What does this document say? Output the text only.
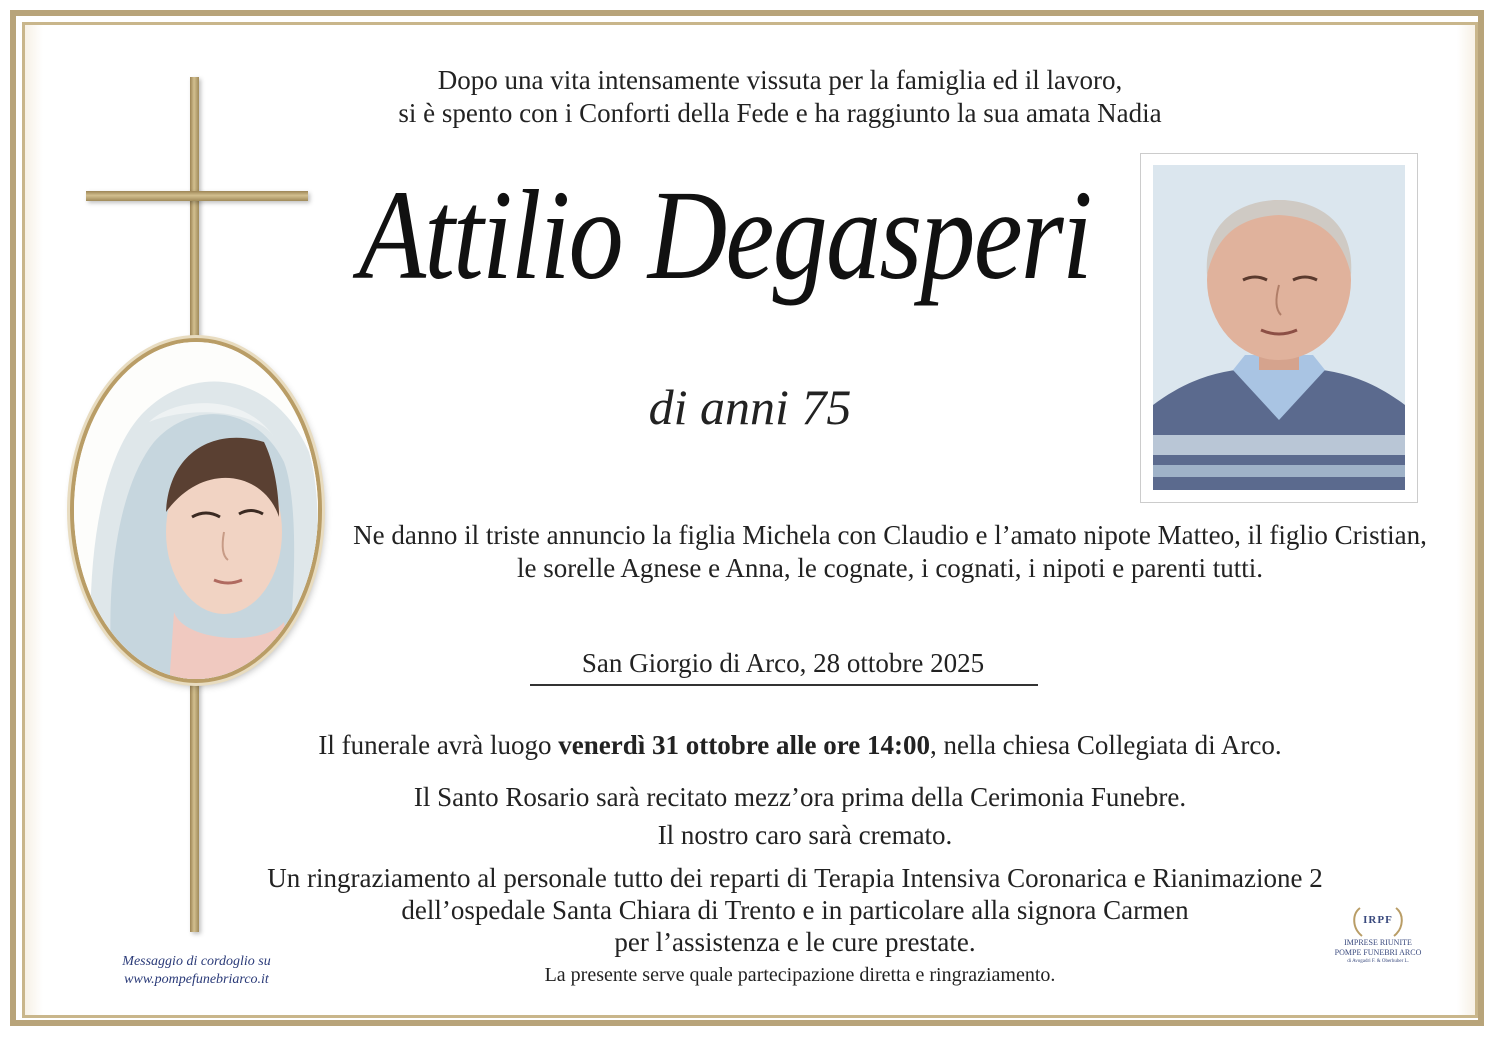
Dopo una vita intensamente vissuta per la famiglia ed il lavoro,
si è spento con i Conforti della Fede e ha raggiunto la sua amata Nadia
Attilio Degasperi
di anni 75
Ne danno il triste annuncio la figlia Michela con Claudio e l’amato nipote Matteo, il figlio Cristian,
le sorelle Agnese e Anna, le cognate, i cognati, i nipoti e parenti tutti.
San Giorgio di Arco, 28 ottobre 2025
Il funerale avrà luogo venerdì 31 ottobre alle ore 14:00, nella chiesa Collegiata di Arco.
Il Santo Rosario sarà recitato mezz’ora prima della Cerimonia Funebre.
Il nostro caro sarà cremato.
Un ringraziamento al personale tutto dei reparti di Terapia Intensiva Coronarica e Rianimazione 2
dell’ospedale Santa Chiara di Trento e in particolare alla signora Carmen
per l’assistenza e le cure prestate.
La presente serve quale partecipazione diretta e ringraziamento.
Messaggio di cordoglio su
www.pompefunebriarco.it
IRPF
IMPRESE RIUNITE
POMPE FUNEBRI ARCO
di Avogadri F. & Oberhuber L.
